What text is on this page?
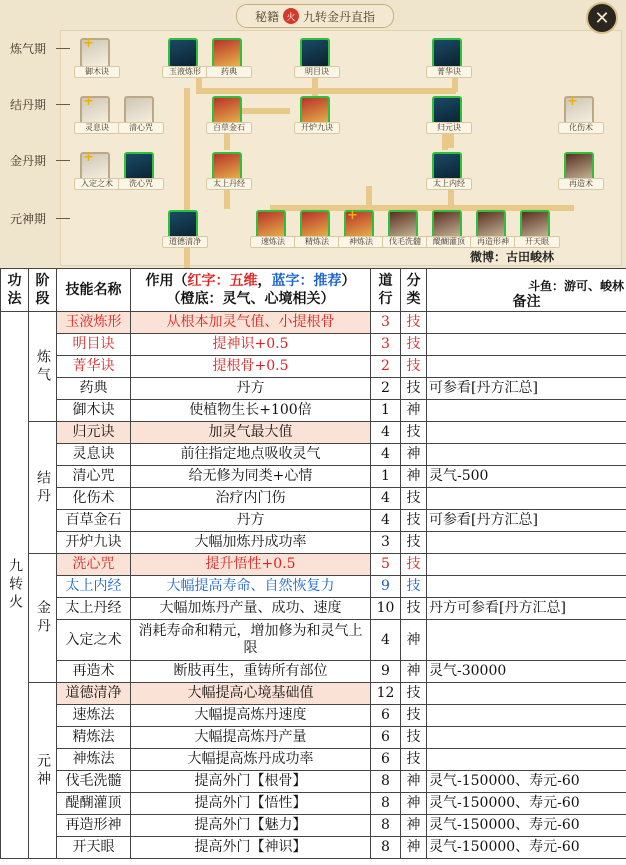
秘籍 火 九转金丹直指	✕
炼气期
结丹期
金丹期
元神期
+
御木诀	玉液炼形	药典	明目诀	菁华诀
+
灵息诀	清心咒	百草金石	开炉九诀	归元诀
+
化伤术
+
入定之术	洗心咒	太上丹经	太上内经	再造术
道德清净	速炼法	精炼法
+
神炼法	伐毛洗髓	醍醐灌顶	再造形神	开天眼
微博：古田峻林
功法	阶段	技能名称	作用（红字：五维，蓝字：推荐）
（橙底：灵气、心境相关）	道行	分类	斗鱼：游可、峻林
备注
九转火	炼气	玉液炼形	从根本加灵气值、小提根骨	3	技	
		明目诀	提神识+0.5	3	技	
		菁华诀	提根骨+0.5	2	技	
		药典	丹方	2	技	可参看[丹方汇总]
		御木诀	使植物生长+100倍	1	神	
	结丹	归元诀	加灵气最大值	4	技	
		灵息诀	前往指定地点吸收灵气	4	神	
		清心咒	给无修为同类+心情	1	神	灵气-500
		化伤术	治疗内门伤	4	技	
		百草金石	丹方	4	技	可参看[丹方汇总]
		开炉九诀	大幅加炼丹成功率	3	技	
	金丹	洗心咒	提升悟性+0.5	5	技	
		太上内经	大幅提高寿命、自然恢复力	9	技	
		太上丹经	大幅加炼丹产量、成功、速度	10	技	丹方可参看[丹方汇总]
		入定之术	消耗寿命和精元，增加修为和灵气上限	4	神	
		再造术	断肢再生，重铸所有部位	9	神	灵气-30000
	元神	道德清净	大幅提高心境基础值	12	技	
		速炼法	大幅提高炼丹速度	6	技	
		精炼法	大幅提高炼丹产量	6	技	
		神炼法	大幅提高炼丹成功率	6	技	
		伐毛洗髓	提高外门【根骨】	8	神	灵气-150000、寿元-60
		醍醐灌顶	提高外门【悟性】	8	神	灵气-150000、寿元-60
		再造形神	提高外门【魅力】	8	神	灵气-150000、寿元-60
		开天眼	提高外门【神识】	8	神	灵气-150000、寿元-60
